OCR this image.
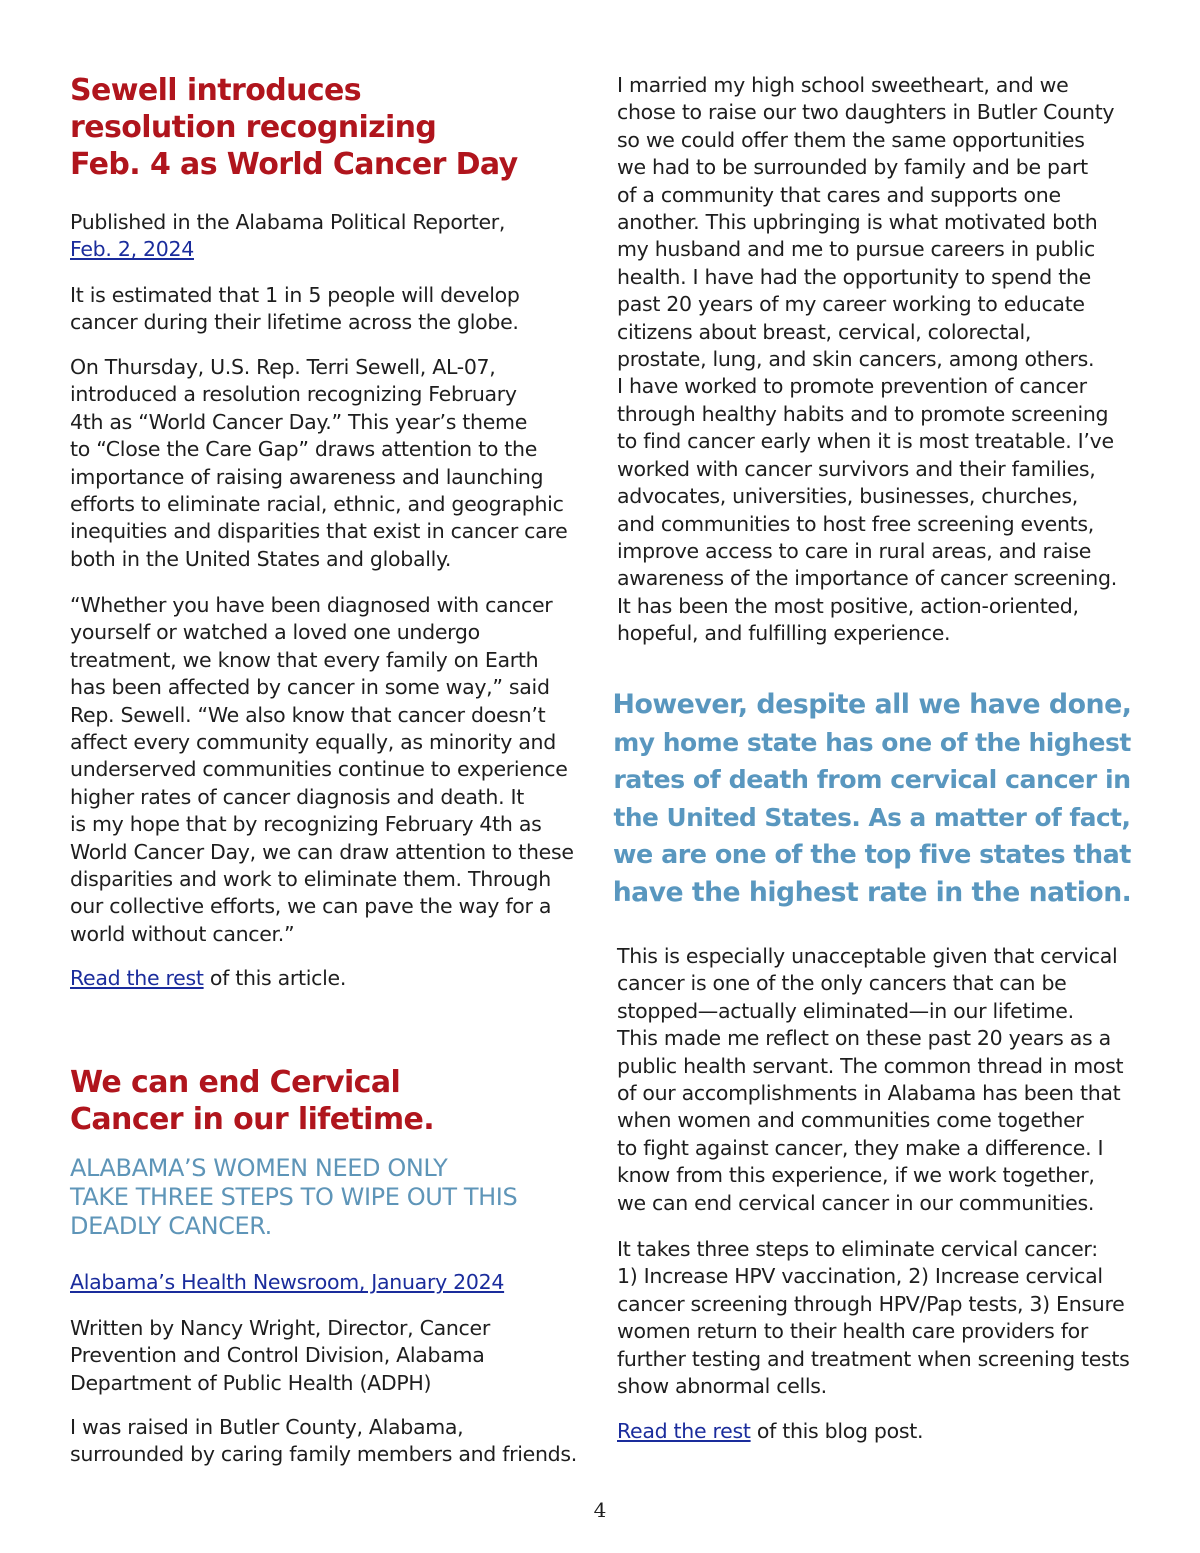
Sewell introduces
resolution recognizing
Feb. 4 as World Cancer Day
Published in the Alabama Political Reporter,
Feb. 2, 2024
It is estimated that 1 in 5 people will develop
cancer during their lifetime across the globe.
On Thursday, U.S. Rep. Terri Sewell, AL-07,
introduced a resolution recognizing February
4th as “World Cancer Day.” This year’s theme
to “Close the Care Gap” draws attention to the
importance of raising awareness and launching
efforts to eliminate racial, ethnic, and geographic
inequities and disparities that exist in cancer care
both in the United States and globally.
“Whether you have been diagnosed with cancer
yourself or watched a loved one undergo
treatment, we know that every family on Earth
has been affected by cancer in some way,” said
Rep. Sewell. “We also know that cancer doesn’t
affect every community equally, as minority and
underserved communities continue to experience
higher rates of cancer diagnosis and death. It
is my hope that by recognizing February 4th as
World Cancer Day, we can draw attention to these
disparities and work to eliminate them. Through
our collective efforts, we can pave the way for a
world without cancer.”
Read the rest of this article.
We can end Cervical
Cancer in our lifetime.
ALABAMA’S WOMEN NEED ONLY
TAKE THREE STEPS TO WIPE OUT THIS
DEADLY CANCER.
Alabama’s Health Newsroom, January 2024
Written by Nancy Wright, Director, Cancer
Prevention and Control Division, Alabama
Department of Public Health (ADPH)
I was raised in Butler County, Alabama,
surrounded by caring family members and friends.
I married my high school sweetheart, and we
chose to raise our two daughters in Butler County
so we could offer them the same opportunities
we had to be surrounded by family and be part
of a community that cares and supports one
another. This upbringing is what motivated both
my husband and me to pursue careers in public
health. I have had the opportunity to spend the
past 20 years of my career working to educate
citizens about breast, cervical, colorectal,
prostate, lung, and skin cancers, among others.
I have worked to promote prevention of cancer
through healthy habits and to promote screening
to find cancer early when it is most treatable. I’ve
worked with cancer survivors and their families,
advocates, universities, businesses, churches,
and communities to host free screening events,
improve access to care in rural areas, and raise
awareness of the importance of cancer screening.
It has been the most positive, action-oriented,
hopeful, and fulfilling experience.
However, despite all we have done,
my home state has one of the highest
rates of death from cervical cancer in
the United States. As a matter of fact,
we are one of the top five states that
have the highest rate in the nation.
This is especially unacceptable given that cervical
cancer is one of the only cancers that can be
stopped—actually eliminated—in our lifetime.
This made me reflect on these past 20 years as a
public health servant. The common thread in most
of our accomplishments in Alabama has been that
when women and communities come together
to fight against cancer, they make a difference. I
know from this experience, if we work together,
we can end cervical cancer in our communities.
It takes three steps to eliminate cervical cancer:
1) Increase HPV vaccination, 2) Increase cervical
cancer screening through HPV/Pap tests, 3) Ensure
women return to their health care providers for
further testing and treatment when screening tests
show abnormal cells.
Read the rest of this blog post.
4
